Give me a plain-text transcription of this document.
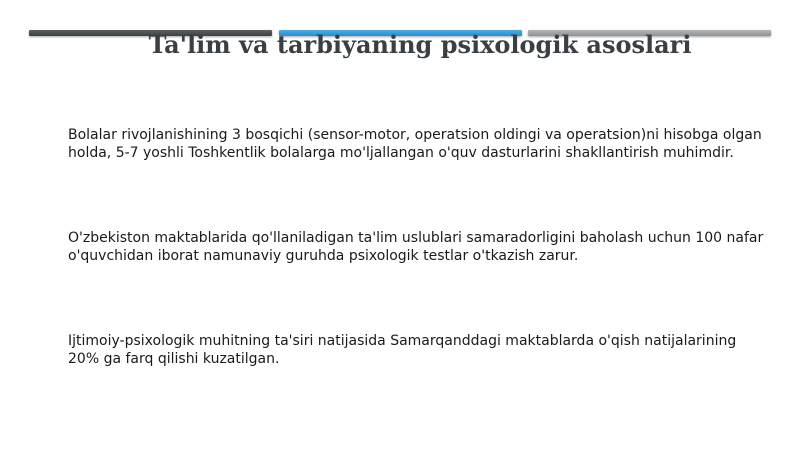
Ta'lim va tarbiyaning psixologik asoslari

Bolalar rivojlanishining 3 bosqichi (sensor-motor, operatsion oldingi va operatsion)ni hisobga olgan holda, 5-7 yoshli Toshkentlik bolalarga mo'ljallangan o'quv dasturlarini shakllantirish muhimdir.

O'zbekiston maktablarida qo'llaniladigan ta'lim uslublari samaradorligini baholash uchun 100 nafar o'quvchidan iborat namunaviy guruhda psixologik testlar o'tkazish zarur.

Ijtimoiy-psixologik muhitning ta'siri natijasida Samarqanddagi maktablarda o'qish natijalarining 20% ga farq qilishi kuzatilgan.
